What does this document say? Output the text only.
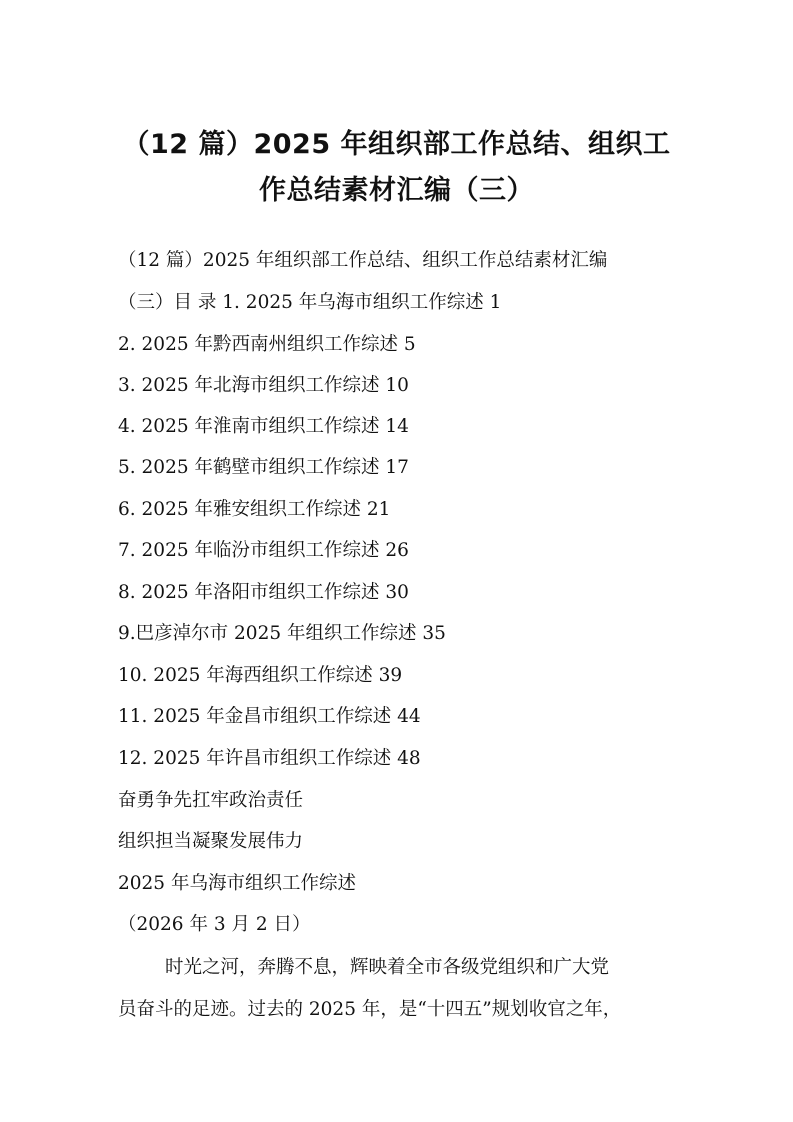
（12 篇）2025 年组织部工作总结、组织工
作总结素材汇编（三）
（12 篇）2025 年组织部工作总结、组织工作总结素材汇编
（三）目 录 1. 2025 年乌海市组织工作综述 1
2. 2025 年黔西南州组织工作综述 5
3. 2025 年北海市组织工作综述 10
4. 2025 年淮南市组织工作综述 14
5. 2025 年鹤壁市组织工作综述 17
6. 2025 年雅安组织工作综述 21
7. 2025 年临汾市组织工作综述 26
8. 2025 年洛阳市组织工作综述 30
9.巴彦淖尔市 2025 年组织工作综述 35
10. 2025 年海西组织工作综述 39
11. 2025 年金昌市组织工作综述 44
12. 2025 年许昌市组织工作综述 48
奋勇争先扛牢政治责任
组织担当凝聚发展伟力
2025 年乌海市组织工作综述
（2026 年 3 月 2 日）
时光之河，奔腾不息，辉映着全市各级党组织和广大党
员奋斗的足迹。过去的 2025 年，是“十四五”规划收官之年，
